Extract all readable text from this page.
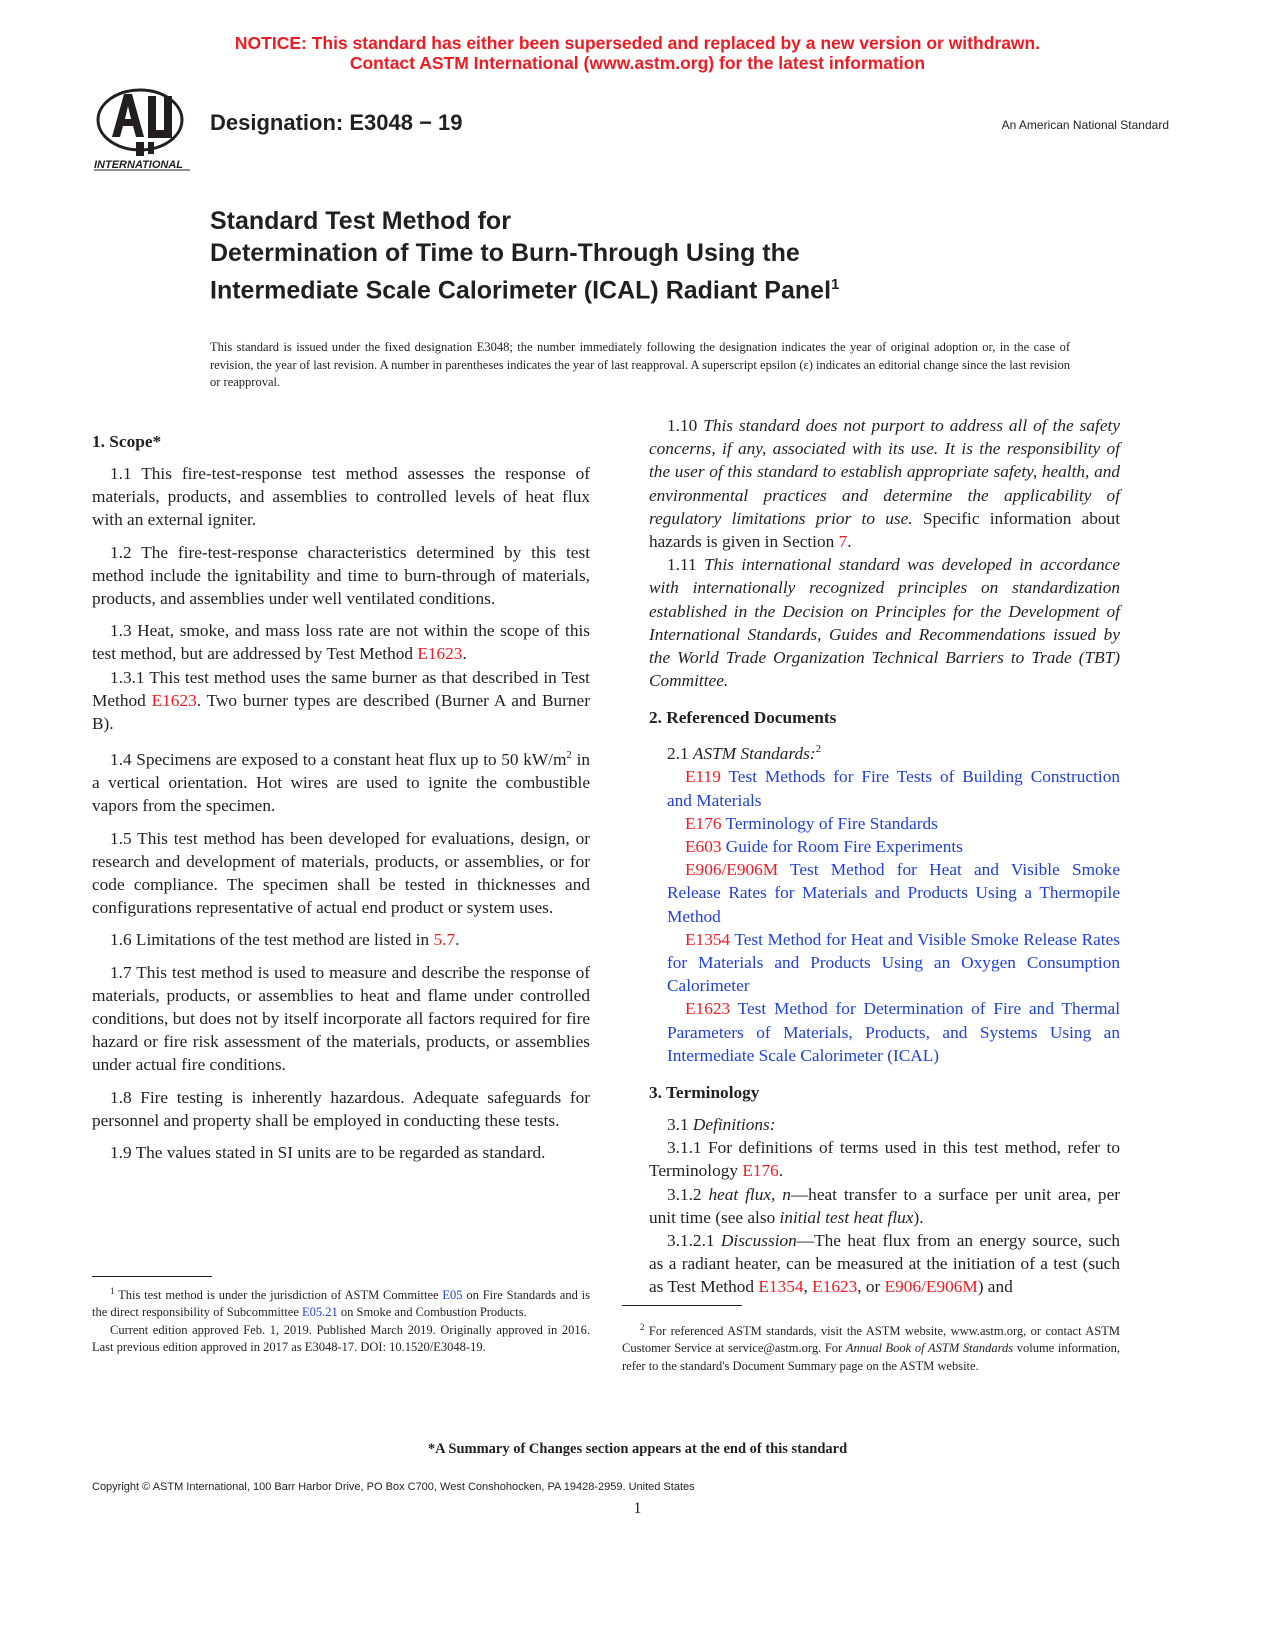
NOTICE: This standard has either been superseded and replaced by a new version or withdrawn.
Contact ASTM International (www.astm.org) for the latest information
INTERNATIONAL
Designation: E3048 − 19	An American National Standard
Standard Test Method for
Determination of Time to Burn-Through Using the
Intermediate Scale Calorimeter (ICAL) Radiant Panel$^1$
This standard is issued under the fixed designation E3048; the number immediately following the designation indicates the year of original adoption or, in the case of revision, the year of last revision. A number in parentheses indicates the year of last reapproval. A superscript epsilon (ε) indicates an editorial change since the last revision or reapproval.
1. Scope*

1.1 This fire-test-response test method assesses the response of materials, products, and assemblies to controlled levels of heat flux with an external igniter.

1.2 The fire-test-response characteristics determined by this test method include the ignitability and time to burn-through of materials, products, and assemblies under well ventilated conditions.

1.3 Heat, smoke, and mass loss rate are not within the scope of this test method, but are addressed by Test Method E1623.

1.3.1 This test method uses the same burner as that described in Test Method E1623. Two burner types are described (Burner A and Burner B).

1.4 Specimens are exposed to a constant heat flux up to 50 $kW/m^2$ in a vertical orientation. Hot wires are used to ignite the combustible vapors from the specimen.

1.5 This test method has been developed for evaluations, design, or research and development of materials, products, or assemblies, or for code compliance. The specimen shall be tested in thicknesses and configurations representative of actual end product or system uses.

1.6 Limitations of the test method are listed in 5.7.

1.7 This test method is used to measure and describe the response of materials, products, or assemblies to heat and flame under controlled conditions, but does not by itself incorporate all factors required for fire hazard or fire risk assessment of the materials, products, or assemblies under actual fire conditions.

1.8 Fire testing is inherently hazardous. Adequate safeguards for personnel and property shall be employed in conducting these tests.

1.9 The values stated in SI units are to be regarded as standard.

1.10 This standard does not purport to address all of the safety concerns, if any, associated with its use. It is the responsibility of the user of this standard to establish appropriate safety, health, and environmental practices and determine the applicability of regulatory limitations prior to use. Specific information about hazards is given in Section 7.

1.11 This international standard was developed in accordance with internationally recognized principles on standardization established in the Decision on Principles for the Development of International Standards, Guides and Recommendations issued by the World Trade Organization Technical Barriers to Trade (TBT) Committee.

2. Referenced Documents

2.1 ASTM Standards:$^2$

E119 Test Methods for Fire Tests of Building Construction and Materials

E176 Terminology of Fire Standards

E603 Guide for Room Fire Experiments

E906/E906M Test Method for Heat and Visible Smoke Release Rates for Materials and Products Using a Thermopile Method

E1354 Test Method for Heat and Visible Smoke Release Rates for Materials and Products Using an Oxygen Consumption Calorimeter

E1623 Test Method for Determination of Fire and Thermal Parameters of Materials, Products, and Systems Using an Intermediate Scale Calorimeter (ICAL)

3. Terminology

3.1 Definitions:

3.1.1 For definitions of terms used in this test method, refer to Terminology E176.

3.1.2 heat flux, n—heat transfer to a surface per unit area, per unit time (see also initial test heat flux).

3.1.2.1 Discussion—The heat flux from an energy source, such as a radiant heater, can be measured at the initiation of a test (such as Test Method E1354, E1623, or E906/E906M) and

$^1$ This test method is under the jurisdiction of ASTM Committee E05 on Fire Standards and is the direct responsibility of Subcommittee E05.21 on Smoke and Combustion Products.

Current edition approved Feb. 1, 2019. Published March 2019. Originally approved in 2016. Last previous edition approved in 2017 as E3048-17. DOI: 10.1520/E3048-19.

$^2$ For referenced ASTM standards, visit the ASTM website, www.astm.org, or contact ASTM Customer Service at service@astm.org. For Annual Book of ASTM Standards volume information, refer to the standard's Document Summary page on the ASTM website.

*A Summary of Changes section appears at the end of this standard
Copyright © ASTM International, 100 Barr Harbor Drive, PO Box C700, West Conshohocken, PA 19428-2959. United States
1
